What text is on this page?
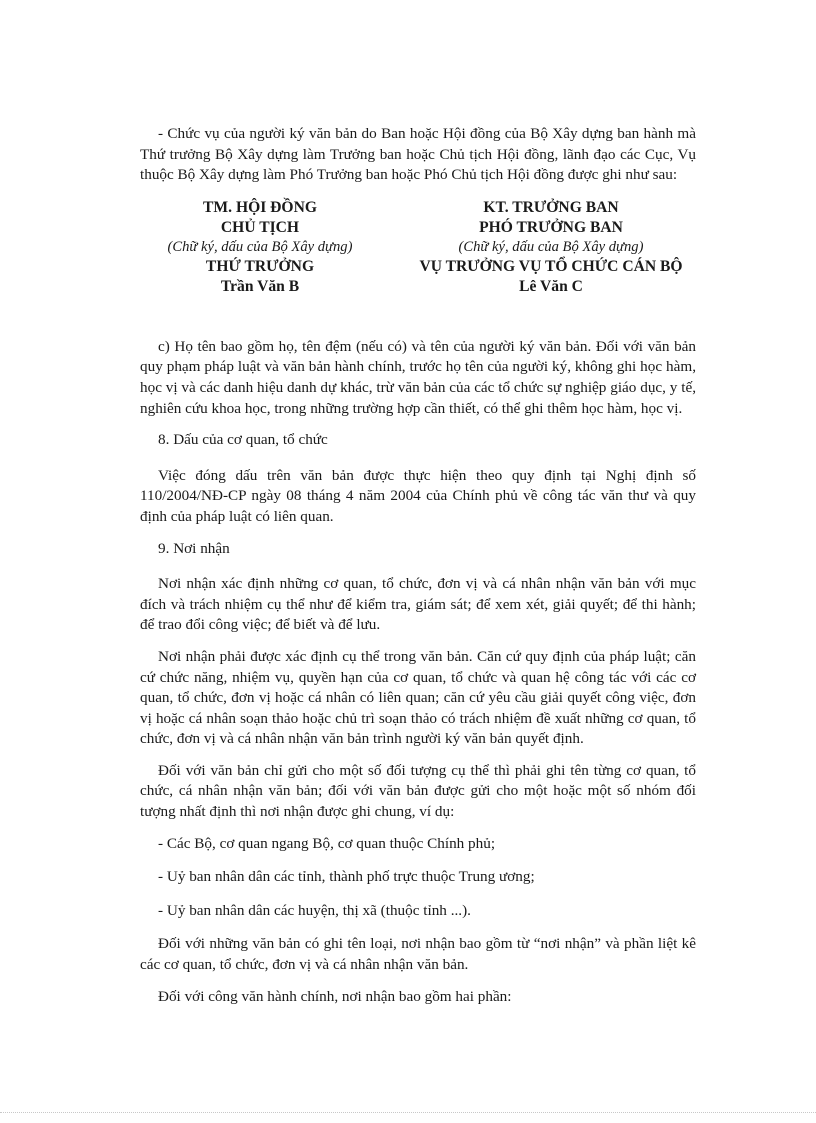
- Chức vụ của người ký văn bản do Ban hoặc Hội đồng của Bộ Xây dựng ban hành mà Thứ trưởng Bộ Xây dựng làm Trưởng ban hoặc Chủ tịch Hội đồng, lãnh đạo các Cục, Vụ thuộc Bộ Xây dựng làm Phó Trưởng ban hoặc Phó Chủ tịch Hội đồng được ghi như sau:

TM. HỘI ĐỒNG
CHỦ TỊCH
(Chữ ký, dấu của Bộ Xây dựng)
THỨ TRƯỞNG
Trần Văn B
KT. TRƯỞNG BAN
PHÓ TRƯỞNG BAN
(Chữ ký, dấu của Bộ Xây dựng)
VỤ TRƯỞNG VỤ TỔ CHỨC CÁN BỘ
Lê Văn C

c) Họ tên bao gồm họ, tên đệm (nếu có) và tên của người ký văn bản. Đối với văn bản quy phạm pháp luật và văn bản hành chính, trước họ tên của người ký, không ghi học hàm, học vị và các danh hiệu danh dự khác, trừ văn bản của các tổ chức sự nghiệp giáo dục, y tế, nghiên cứu khoa học, trong những trường hợp cần thiết, có thể ghi thêm học hàm, học vị.

8. Dấu của cơ quan, tổ chức

Việc đóng dấu trên văn bản được thực hiện theo quy định tại Nghị định số 110/2004/NĐ-CP ngày 08 tháng 4 năm 2004 của Chính phủ về công tác văn thư và quy định của pháp luật có liên quan.

9. Nơi nhận

Nơi nhận xác định những cơ quan, tổ chức, đơn vị và cá nhân nhận văn bản với mục đích và trách nhiệm cụ thể như để kiểm tra, giám sát; để xem xét, giải quyết; để thi hành; để trao đổi công việc; để biết và để lưu.

Nơi nhận phải được xác định cụ thể trong văn bản. Căn cứ quy định của pháp luật; căn cứ chức năng, nhiệm vụ, quyền hạn của cơ quan, tổ chức và quan hệ công tác với các cơ quan, tổ chức, đơn vị hoặc cá nhân có liên quan; căn cứ yêu cầu giải quyết công việc, đơn vị hoặc cá nhân soạn thảo hoặc chủ trì soạn thảo có trách nhiệm đề xuất những cơ quan, tổ chức, đơn vị và cá nhân nhận văn bản trình người ký văn bản quyết định.

Đối với văn bản chỉ gửi cho một số đối tượng cụ thể thì phải ghi tên từng cơ quan, tổ chức, cá nhân nhận văn bản; đối với văn bản được gửi cho một hoặc một số nhóm đối tượng nhất định thì nơi nhận được ghi chung, ví dụ:

- Các Bộ, cơ quan ngang Bộ, cơ quan thuộc Chính phủ;

- Uỷ ban nhân dân các tỉnh, thành phố trực thuộc Trung ương;

- Uỷ ban nhân dân các huyện, thị xã (thuộc tỉnh ...).

Đối với những văn bản có ghi tên loại, nơi nhận bao gồm từ “nơi nhận” và phần liệt kê các cơ quan, tổ chức, đơn vị và cá nhân nhận văn bản.

Đối với công văn hành chính, nơi nhận bao gồm hai phần:
